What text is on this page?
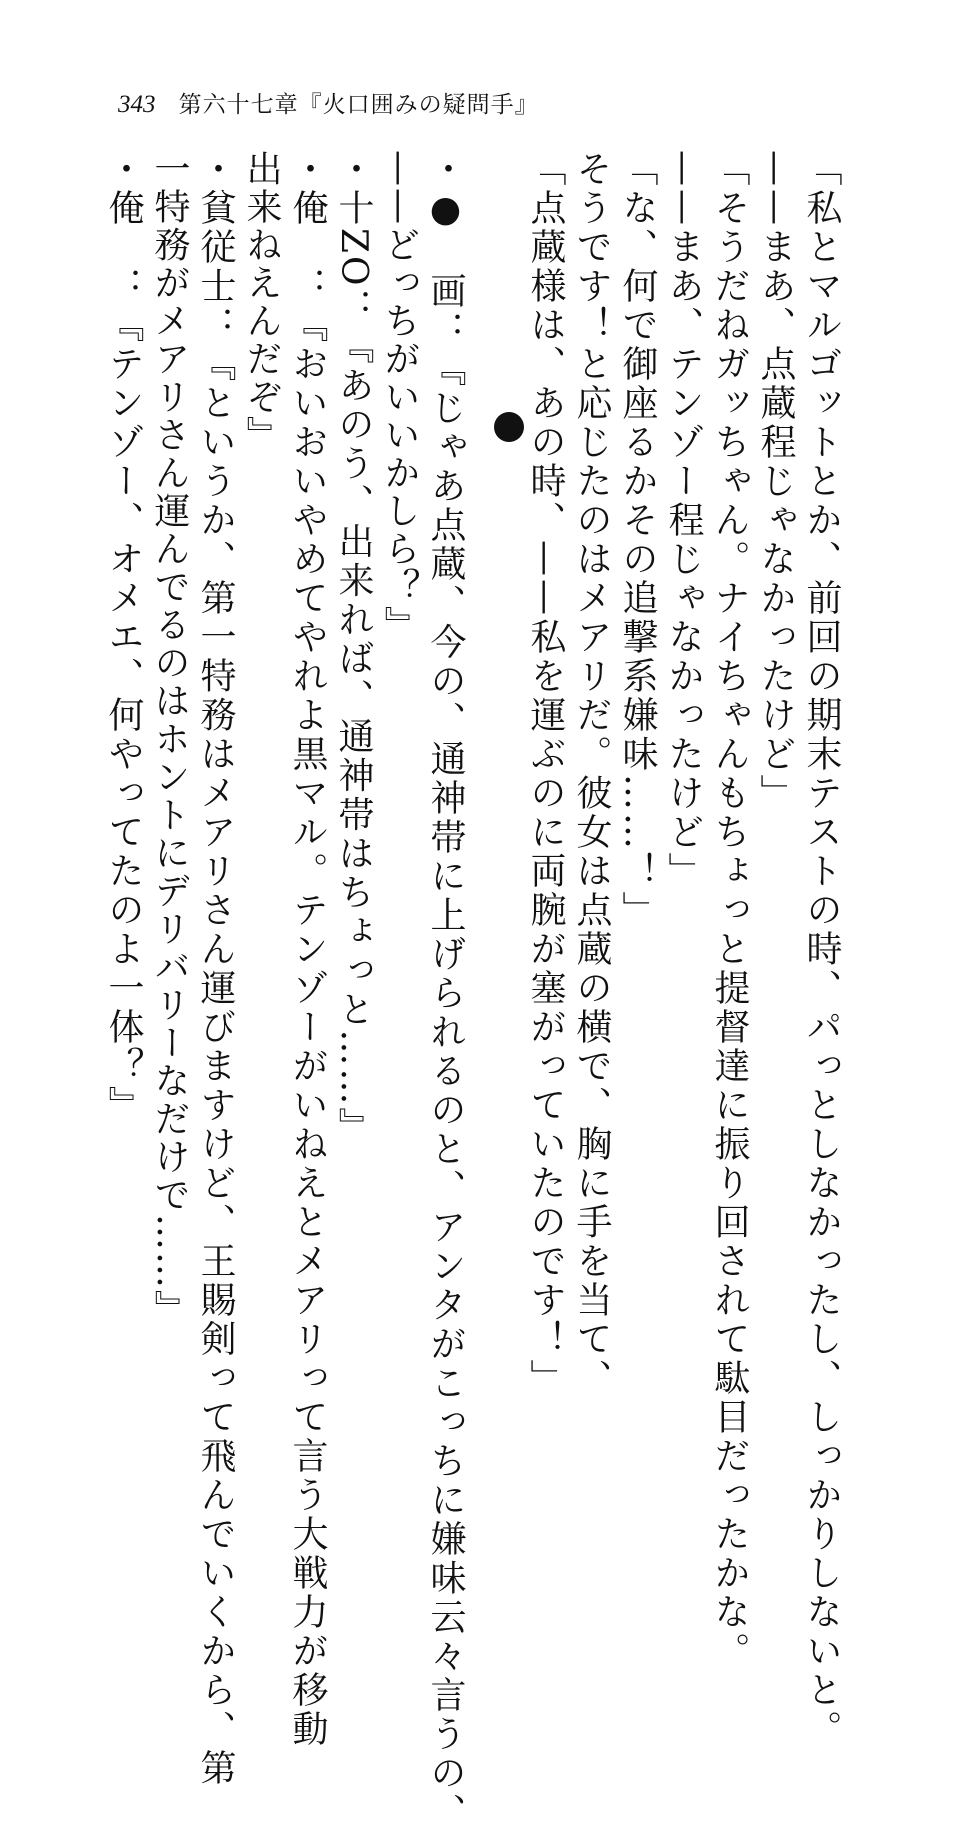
343 第六十七章『火口囲みの疑問手』
「私とマルゴットとか、前回の期末テストの時、パっとしなかったし、しっかりしないと。
——まあ、点蔵程じゃなかったけど」
「そうだねガッちゃん。ナイちゃんもちょっと提督達に振り回されて駄目だったかな。
——まあ、テンゾー程じゃなかったけど」
「な、何で御座るかその追撃系嫌味……！」
そうです！と応じたのはメアリだ。彼女は点蔵の横で、胸に手を当て、
「点蔵様は、あの時、——私を運ぶのに両腕が塞がっていたのです！」
・●　画：『じゃあ点蔵、今の、通神帯に上げられるのと、アンタがこっちに嫌味云々言うの、
——どっちがいいかしら？』
・十ZO：『あのう、出来れば、通神帯はちょっと……』
・俺　：『おいおいやめてやれよ黒マル。テンゾーがいねえとメアリって言う大戦力が移動
出来ねえんだぞ』
・貧従士：『というか、第一特務はメアリさん運びますけど、王賜剣って飛んでいくから、第
一特務がメアリさん運んでるのはホントにデリバリーなだけで……』
・俺　：『テンゾー、オメエ、何やってたのよ一体？』
